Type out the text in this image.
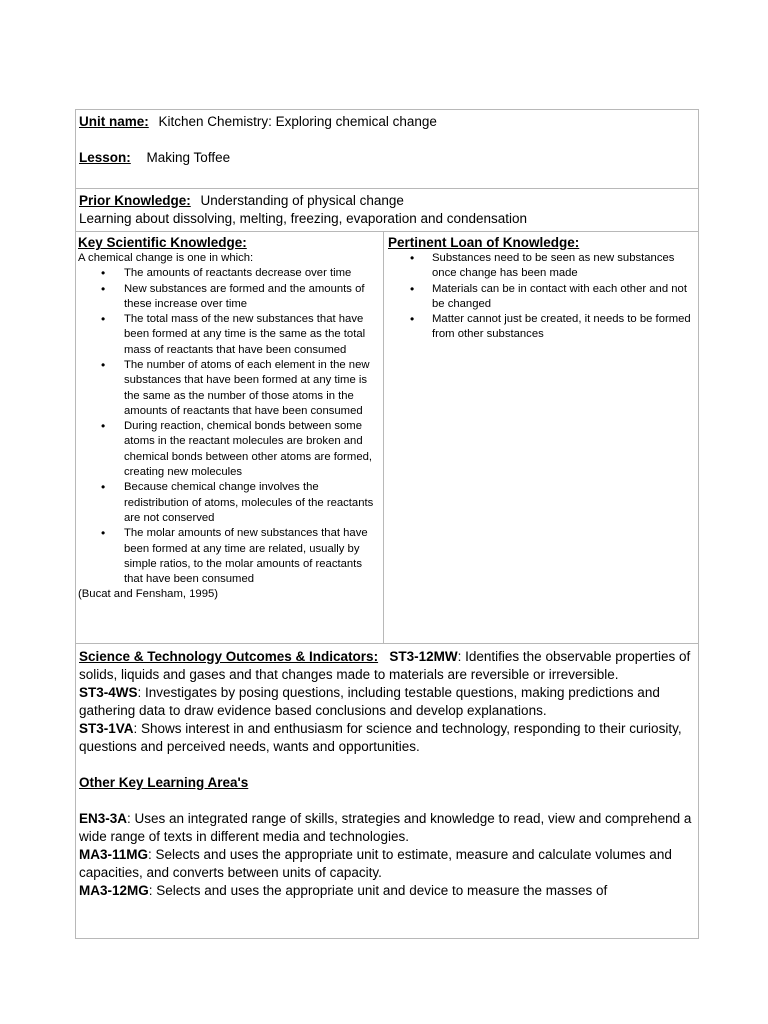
Unit name: Kitchen Chemistry: Exploring chemical change
Lesson: Making Toffee
Prior Knowledge: Understanding of physical change
Learning about dissolving, melting, freezing, evaporation and condensation
Key Scientific Knowledge:
A chemical change is one in which:
• The amounts of reactants decrease over time
• New substances are formed and the amounts of these increase over time
• The total mass of the new substances that have been formed at any time is the same as the total mass of reactants that have been consumed
• The number of atoms of each element in the new substances that have been formed at any time is the same as the number of those atoms in the amounts of reactants that have been consumed
• During reaction, chemical bonds between some atoms in the reactant molecules are broken and chemical bonds between other atoms are formed, creating new molecules
• Because chemical change involves the redistribution of atoms, molecules of the reactants are not conserved
• The molar amounts of new substances that have been formed at any time are related, usually by simple ratios, to the molar amounts of reactants that have been consumed
(Bucat and Fensham, 1995)
Pertinent Loan of Knowledge:
• Substances need to be seen as new substances once change has been made
• Materials can be in contact with each other and not be changed
• Matter cannot just be created, it needs to be formed from other substances
Science & Technology Outcomes & Indicators: ST3-12MW: Identifies the observable properties of solids, liquids and gases and that changes made to materials are reversible or irreversible.
ST3-4WS: Investigates by posing questions, including testable questions, making predictions and gathering data to draw evidence based conclusions and develop explanations.
ST3-1VA: Shows interest in and enthusiasm for science and technology, responding to their curiosity, questions and perceived needs, wants and opportunities.
Other Key Learning Area's
EN3-3A: Uses an integrated range of skills, strategies and knowledge to read, view and comprehend a wide range of texts in different media and technologies.
MA3-11MG: Selects and uses the appropriate unit to estimate, measure and calculate volumes and capacities, and converts between units of capacity.
MA3-12MG: Selects and uses the appropriate unit and device to measure the masses of
